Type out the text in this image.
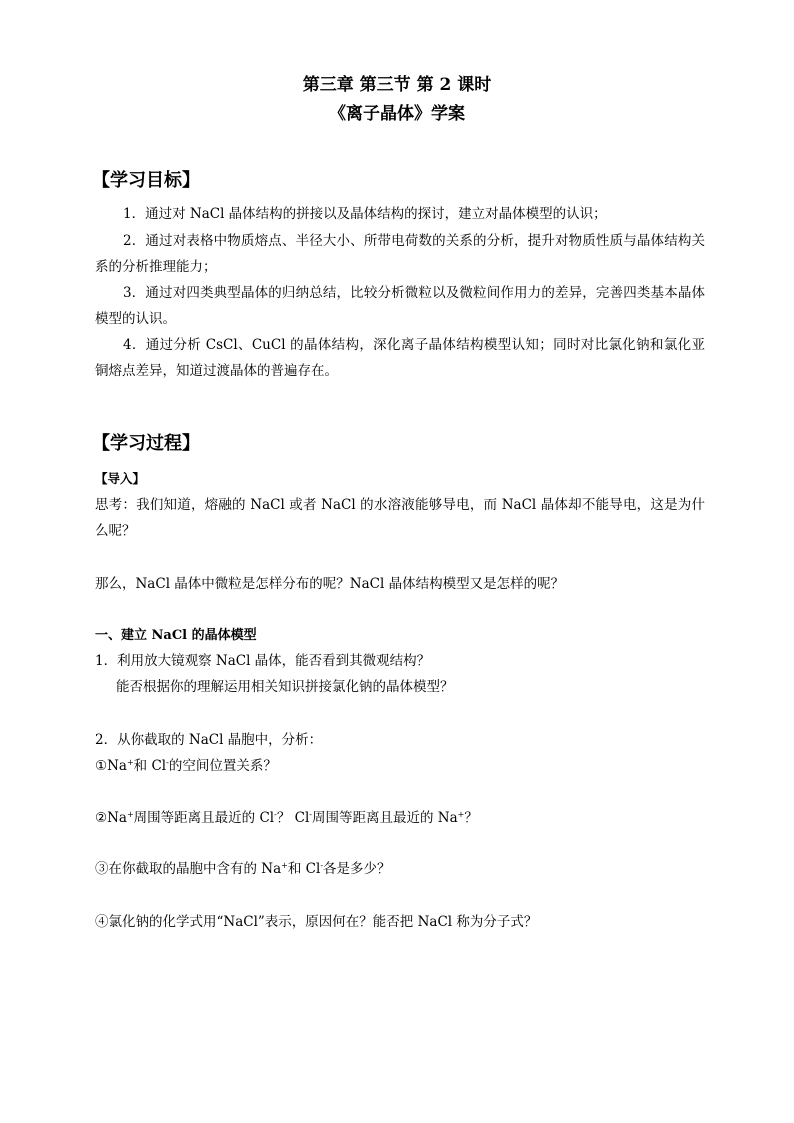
第三章 第三节 第 2 课时
《离子晶体》学案
【学习目标】
1．通过对 NaCl 晶体结构的拼接以及晶体结构的探讨，建立对晶体模型的认识；
2．通过对表格中物质熔点、半径大小、所带电荷数的关系的分析，提升对物质性质与晶体结构关系的分析推理能力；
3．通过对四类典型晶体的归纳总结，比较分析微粒以及微粒间作用力的差异，完善四类基本晶体模型的认识。
4．通过分析 CsCl、CuCl 的晶体结构，深化离子晶体结构模型认知；同时对比氯化钠和氯化亚铜熔点差异，知道过渡晶体的普遍存在。
【学习过程】
【导入】
思考：我们知道，熔融的 NaCl 或者 NaCl 的水溶液能够导电，而 NaCl 晶体却不能导电，这是为什么呢？
那么，NaCl 晶体中微粒是怎样分布的呢？NaCl 晶体结构模型又是怎样的呢？
一、建立 NaCl 的晶体模型
1．利用放大镜观察 NaCl 晶体，能否看到其微观结构？
能否根据你的理解运用相关知识拼接氯化钠的晶体模型？
2．从你截取的 NaCl 晶胞中，分析：
①Na+和 Cl-的空间位置关系？
②Na+周围等距离且最近的 Cl-？ Cl-周围等距离且最近的 Na+？
③在你截取的晶胞中含有的 Na+和 Cl-各是多少？
④氯化钠的化学式用“NaCl”表示，原因何在？能否把 NaCl 称为分子式？
